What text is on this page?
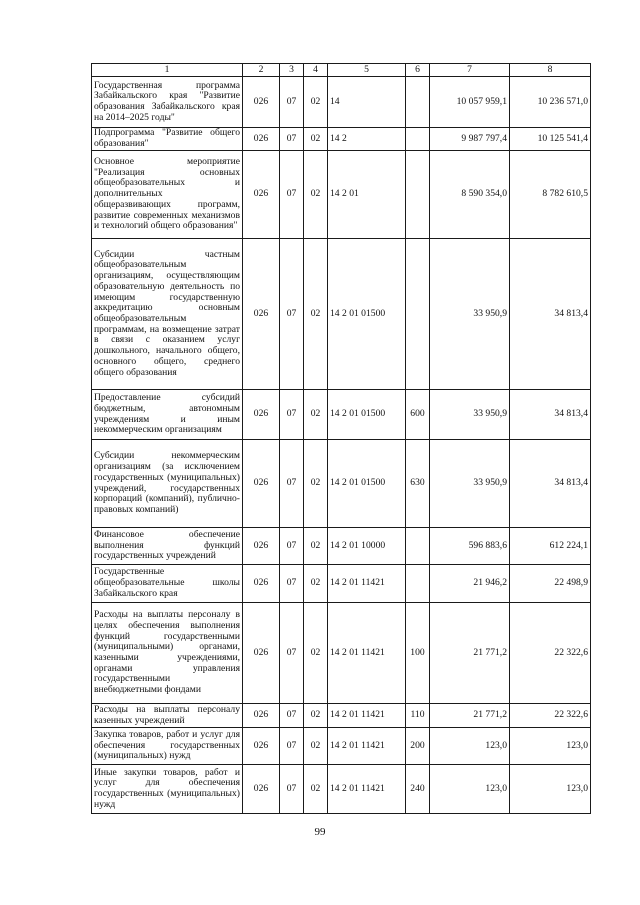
1	2	3	4	5	6	7	8
Государственная программа Забайкальского края "Развитие образования Забайкальского края на 2014–2025 годы"	026	07	02	14		10 057 959,1	10 236 571,0
Подпрограмма "Развитие общего образования"	026	07	02	14 2		9 987 797,4	10 125 541,4
Основное мероприятие "Реализация основных общеобразовательных и дополнительных общеразвивающих программ, развитие современных механизмов и технологий общего образования"	026	07	02	14 2 01		8 590 354,0	8 782 610,5
Субсидии частным общеобразовательным организациям, осуществляющим образовательную деятельность по имеющим государственную аккредитацию основным общеобразовательным программам, на возмещение затрат в связи с оказанием услуг дошкольного, начального общего, основного общего, среднего общего образования	026	07	02	14 2 01 01500		33 950,9	34 813,4
Предоставление субсидий бюджетным, автономным учреждениям и иным некоммерческим организациям	026	07	02	14 2 01 01500	600	33 950,9	34 813,4
Субсидии некоммерческим организациям (за исключением государственных (муниципальных) учреждений, государственных корпораций (компаний), публично-правовых компаний)	026	07	02	14 2 01 01500	630	33 950,9	34 813,4
Финансовое обеспечение выполнения функций государственных учреждений	026	07	02	14 2 01 10000		596 883,6	612 224,1
Государственные общеобразовательные школы Забайкальского края	026	07	02	14 2 01 11421		21 946,2	22 498,9
Расходы на выплаты персоналу в целях обеспечения выполнения функций государственными (муниципальными) органами, казенными учреждениями, органами управления государственными внебюджетными фондами	026	07	02	14 2 01 11421	100	21 771,2	22 322,6
Расходы на выплаты персоналу казенных учреждений	026	07	02	14 2 01 11421	110	21 771,2	22 322,6
Закупка товаров, работ и услуг для обеспечения государственных (муниципальных) нужд	026	07	02	14 2 01 11421	200	123,0	123,0
Иные закупки товаров, работ и услуг для обеспечения государственных (муниципальных) нужд	026	07	02	14 2 01 11421	240	123,0	123,0
99
